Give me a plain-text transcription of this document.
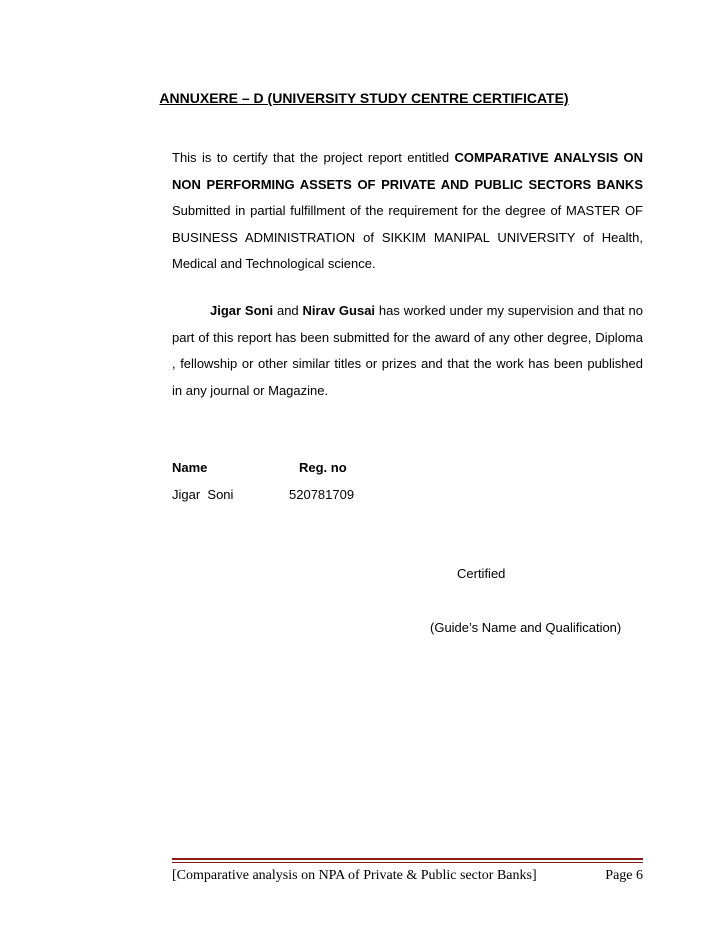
ANNUXERE – D (UNIVERSITY STUDY CENTRE CERTIFICATE)
This is to certify that the project report entitled COMPARATIVE ANALYSIS ON NON PERFORMING ASSETS OF PRIVATE AND PUBLIC SECTORS BANKS Submitted in partial fulfillment of the requirement for the degree of MASTER OF BUSINESS ADMINISTRATION of SIKKIM MANIPAL UNIVERSITY of Health, Medical and Technological science.
Jigar Soni and Nirav Gusai has worked under my supervision and that no part of this report has been submitted for the award of any other degree, Diploma , fellowship or other similar titles or prizes and that the work has been published in any journal or Magazine.
Name	Reg. no
Jigar  Soni	520781709
Certified
(Guide’s Name and Qualification)
[Comparative analysis on NPA of Private & Public sector Banks]	Page 6
